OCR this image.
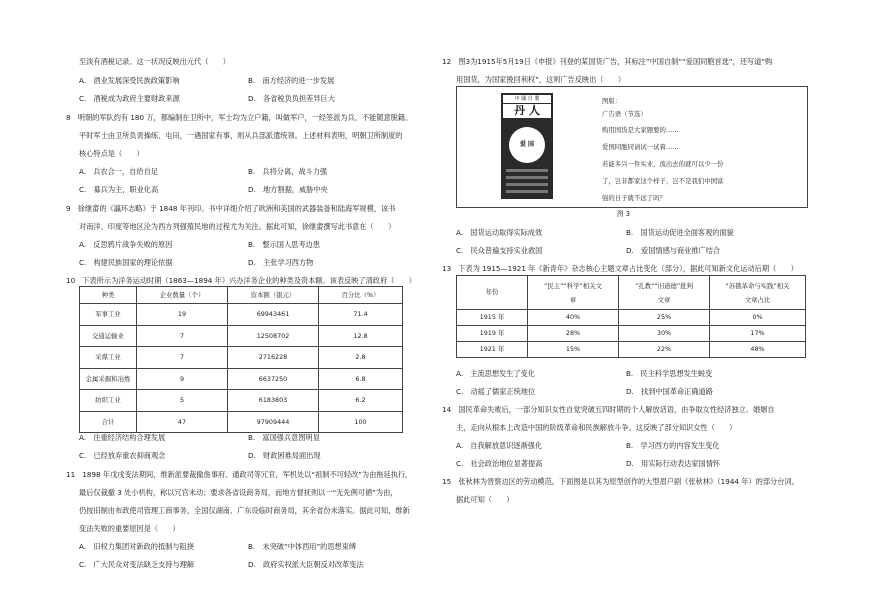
至淡有酒税记录。这一状况反映出元代（　　）
A.　酒业发展深受民族政策影响	B.　南方经济的进一步发展
C.　酒税成为政府主要财政来源	D.　各省税负负担差异巨大
8　明朝的军队约有 180 万，都编制在卫所中，军士均为立户籍，叫做军户，一经签派为兵，不能随意脱籍。
平时军士由卫所负责操练、屯田，一遇国家有事，则从兵部派遣统领。上述材料表明，明朝卫所制度的
核心特点是（　　）
A.　兵农合一，自给自足	B.　兵将分离，战斗力强
C.　募兵为主，职业化高	D.　地方割据，威胁中央
9　徐继畲的《瀛环志略》于 1848 年刊印。书中详细介绍了欧洲和美国的武器装备和陆海军规模，该书
对南洋、印度等地区沦为西方列强殖民地的过程尤为关注。据此可知，徐继畲撰写此书意在（　　）
A.　反思鸦片战争失败的原因	B.　整示国人思考边患
C.　构建民族国家的理论依据	D.　主张学习西方物
10　下表所示为洋务运动时期（1863—1894 年）兴办洋务企业的种类及资本额。该表反映了清政府（　　）
种类	企业数量（个）	资本额（银元）	百分比（%）
军事工业	19	69943461	71.4
交通运输业	7	12508702	12.8
采煤工业	7	2716228	2.8
金属采掘和冶炼	9	6637250	6.8
纺织工业	5	6183803	6.2
合计	47	97909444	100
A.　注重经济结构合理发展	B.　富国强兵意图明显
C.　已经放弃重农抑商观念	D.　财政困难局面出现
11　1898 年戊戌变法期间，维新派要裁撤詹事府、通政司等冗官，军机处以“祖制不可轻改”为由拖延执行，
最后仅裁撤 3 处小机构，称以冗官未动；要求各省设商务局，而地方督抚则以一“无先例可循”为由，
仍按旧制由布政使司管理工商事务，全国仅湖南、广东设临时商务局，其余省份未落实。据此可知，维新
变法失败的重要原因是（　　）
A.　旧权力集团对新政的抵制与阻挠	B.　未突破“中体西用”的思想束缚
C.　广大民众对变法缺乏支持与理解	D.　政府实权派大臣朝反对改革变法
12　图3为1915年5月19日《申报》刊登的某国货广告，其标注“中国自制”“爱国同胞首选”，还写道“购
用国货，为国家挽回利权”，这则广告反映出（　　）
中 國 自 製
丹 人
爱 国
图版：
广告语（节选）
购用国货是大家题要的……
爱国同胞同请试一试着……
若能多兴一件实业，流出去的就可以少一份
了，岂非都家这个样子，岂不是我们中国富
强的日子就不远了吗？
图 3
A.　国货运动取得实际成效	B.　国货运动促进全面客观的面貌
C.　民众普遍支持实业救国	D.　爱国情感与商业推广结合
13　下表为 1915—1921 年《新青年》杂志核心主题文章占比变化（部分），据此可知新文化运动后期（　　）
年份	“民主”“科学”相关文
章	“孔教”“旧道德”批判
文章	“苏俄革命与实践”相关
文章占比
1915 年	40%	25%	0%
1919 年	28%	30%	17%
1921 年	15%	22%	48%
A.　主流思想发生了变化	B.　民主科学思想发生蜕变
C.　动摇了儒家正统地位	D.　找到中国革命正确道路
14　国民革命失败后，一部分知识女性自觉突破五四时期的个人解放话语，由争取女性经济独立、婚姻自
主，走向从根本上改造中国的阶级革命和民族解放斗争。这反映了部分知识女性（　　）
A.　自我解放意识逐渐强化	B.　学习西方的内容发生变化
C.　社会政治地位显著提高	D.　用实际行动表达家国情怀
15　张秋林为晋察边区的劳动模范。下面图是以其为原型创作的大型眉户剧《张秋林》（1944 年）的部分台词。
据此可知（　　）
